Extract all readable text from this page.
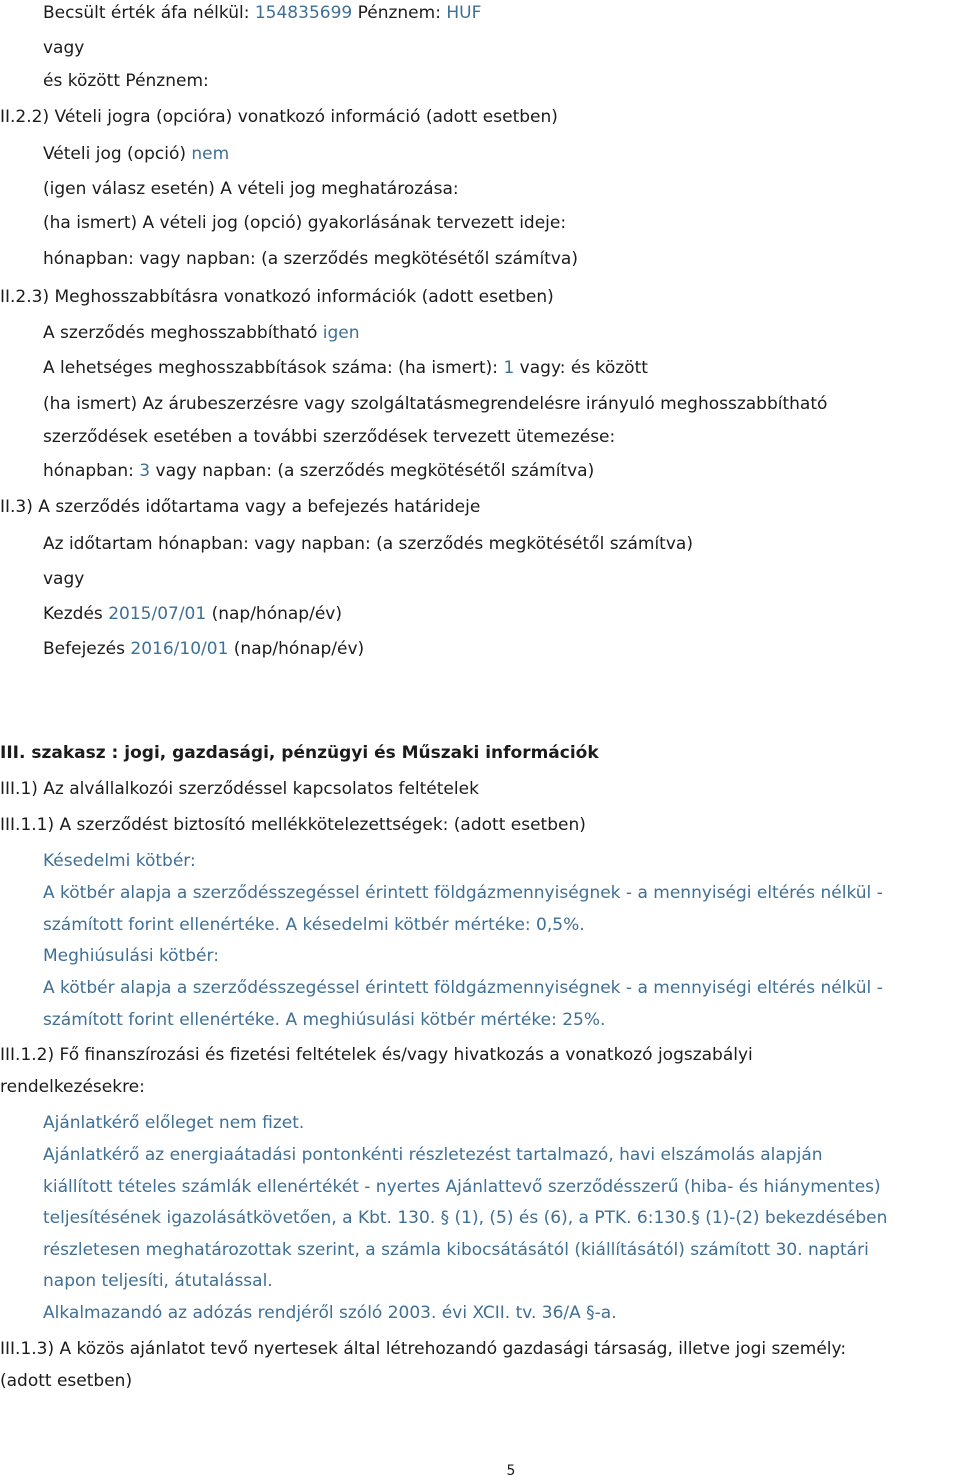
Becsült érték áfa nélkül: 154835699 Pénznem: HUF
vagy
és között Pénznem:
II.2.2) Vételi jogra (opcióra) vonatkozó információ (adott esetben)
Vételi jog (opció) nem
(igen válasz esetén) A vételi jog meghatározása:
(ha ismert) A vételi jog (opció) gyakorlásának tervezett ideje:
hónapban: vagy napban: (a szerződés megkötésétől számítva)
II.2.3) Meghosszabbításra vonatkozó információk (adott esetben)
A szerződés meghosszabbítható igen
A lehetséges meghosszabbítások száma: (ha ismert): 1 vagy: és között
(ha ismert) Az árubeszerzésre vagy szolgáltatásmegrendelésre irányuló meghosszabbítható
szerződések esetében a további szerződések tervezett ütemezése:
hónapban: 3 vagy napban: (a szerződés megkötésétől számítva)
II.3) A szerződés időtartama vagy a befejezés határideje
Az időtartam hónapban: vagy napban: (a szerződés megkötésétől számítva)
vagy
Kezdés 2015/07/01 (nap/hónap/év)
Befejezés 2016/10/01 (nap/hónap/év)
III. szakasz : jogi, gazdasági, pénzügyi és Műszaki információk
III.1) Az alvállalkozói szerződéssel kapcsolatos feltételek
III.1.1) A szerződést biztosító mellékkötelezettségek: (adott esetben)
Késedelmi kötbér:
A kötbér alapja a szerződésszegéssel érintett földgázmennyiségnek - a mennyiségi eltérés nélkül -
számított forint ellenértéke. A késedelmi kötbér mértéke: 0,5%.
Meghiúsulási kötbér:
A kötbér alapja a szerződésszegéssel érintett földgázmennyiségnek - a mennyiségi eltérés nélkül -
számított forint ellenértéke. A meghiúsulási kötbér mértéke: 25%.
III.1.2) Fő finanszírozási és fizetési feltételek és/vagy hivatkozás a vonatkozó jogszabályi
rendelkezésekre:
Ajánlatkérő előleget nem fizet.
Ajánlatkérő az energiaátadási pontonkénti részletezést tartalmazó, havi elszámolás alapján
kiállított tételes számlák ellenértékét - nyertes Ajánlattevő szerződésszerű (hiba- és hiánymentes)
teljesítésének igazolásátkövetően, a Kbt. 130. § (1), (5) és (6), a PTK. 6:130.§ (1)-(2) bekezdésében
részletesen meghatározottak szerint, a számla kibocsátásától (kiállításától) számított 30. naptári
napon teljesíti, átutalással.
Alkalmazandó az adózás rendjéről szóló 2003. évi XCII. tv. 36/A §-a.
III.1.3) A közös ajánlatot tevő nyertesek által létrehozandó gazdasági társaság, illetve jogi személy:
(adott esetben)
5
